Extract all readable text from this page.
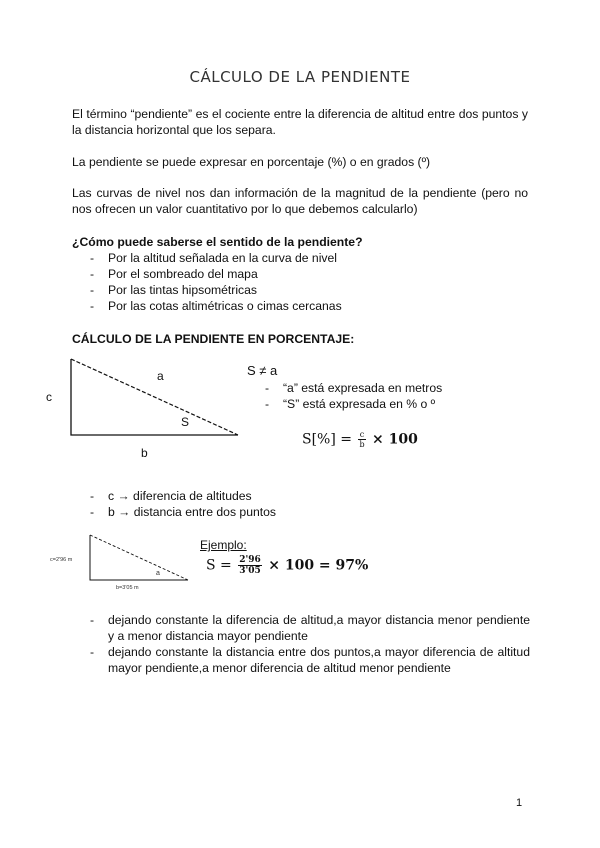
CÁLCULO DE LA PENDIENTE

El término “pendiente” es el cociente entre la diferencia de altitud entre dos puntos y la distancia horizontal que los separa.

La pendiente se puede expresar en porcentaje (%) o en grados (º)

Las curvas de nivel nos dan información de la magnitud de la pendiente (pero no nos ofrecen un valor cuantitativo por lo que debemos calcularlo)

¿Cómo puede saberse el sentido de la pendiente?

- Por la altitud señalada en la curva de nivel
- Por el sombreado del mapa
- Por las tintas hipsométricas
- Por las cotas altimétricas o cimas cercanas

CÁLCULO DE LA PENDIENTE EN PORCENTAJE:

c
a
S
b
S ≠ a
- “a” está expresada en metros
- “S” está expresada en % o º
$S[\%] = \frac{c}{b} \times 100$
- c → diferencia de altitudes
- b → distancia entre dos puntos
c=2'96 m
b=3'05 m
a
Ejemplo:
$S = \frac{2'96}{3'05} \times 100 = 97\%$
- dejando constante la diferencia de altitud,a mayor distancia menor pendiente y a menor distancia mayor pendiente
- dejando constante la distancia entre dos puntos,a mayor diferencia de altitud mayor pendiente,a menor diferencia de altitud menor pendiente
1
